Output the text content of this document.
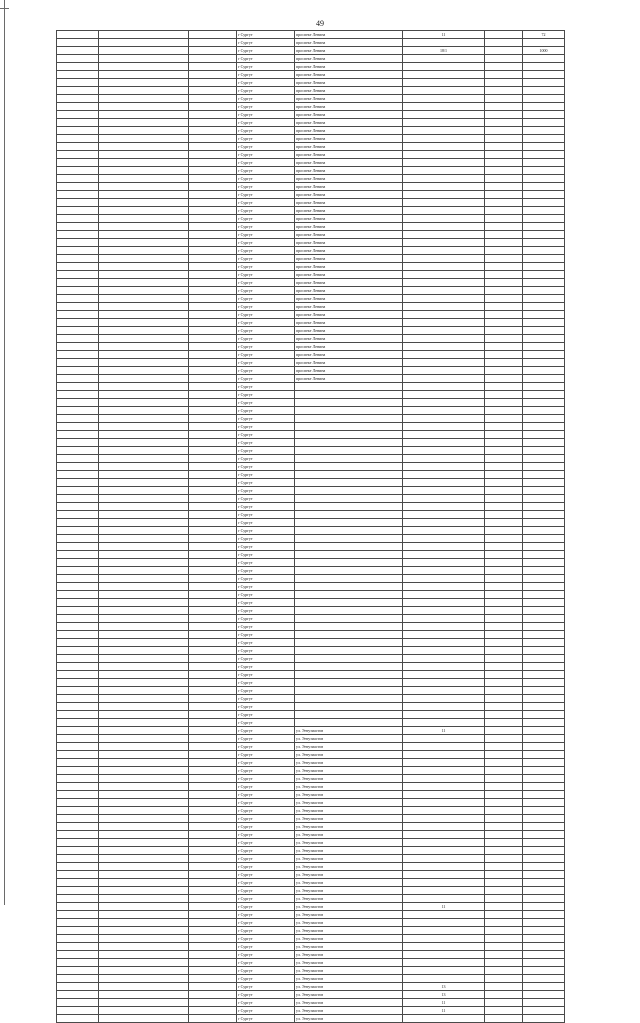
49
			г Сургут	проспект Ленина	11		72
			г Сургут	проспект Ленина			
			г Сургут	проспект Ленина	18/1		1000
			г Сургут	проспект Ленина			
			г Сургут	проспект Ленина			
			г Сургут	проспект Ленина			
			г Сургут	проспект Ленина			
			г Сургут	проспект Ленина			
			г Сургут	проспект Ленина			
			г Сургут	проспект Ленина			
			г Сургут	проспект Ленина			
			г Сургут	проспект Ленина			
			г Сургут	проспект Ленина			
			г Сургут	проспект Ленина			
			г Сургут	проспект Ленина			
			г Сургут	проспект Ленина			
			г Сургут	проспект Ленина			
			г Сургут	проспект Ленина			
			г Сургут	проспект Ленина			
			г Сургут	проспект Ленина			
			г Сургут	проспект Ленина			
			г Сургут	проспект Ленина			
			г Сургут	проспект Ленина			
			г Сургут	проспект Ленина			
			г Сургут	проспект Ленина			
			г Сургут	проспект Ленина			
			г Сургут	проспект Ленина			
			г Сургут	проспект Ленина			
			г Сургут	проспект Ленина			
			г Сургут	проспект Ленина			
			г Сургут	проспект Ленина			
			г Сургут	проспект Ленина			
			г Сургут	проспект Ленина			
			г Сургут	проспект Ленина			
			г Сургут	проспект Ленина			
			г Сургут	проспект Ленина			
			г Сургут	проспект Ленина			
			г Сургут	проспект Ленина			
			г Сургут	проспект Ленина			
			г Сургут	проспект Ленина			
			г Сургут	проспект Ленина			
			г Сургут	проспект Ленина			
			г Сургут	проспект Ленина			
			г Сургут	проспект Ленина			
			г Сургут				
			г Сургут				
			г Сургут				
			г Сургут				
			г Сургут				
			г Сургут				
			г Сургут				
			г Сургут				
			г Сургут				
			г Сургут				
			г Сургут				
			г Сургут				
			г Сургут				
			г Сургут				
			г Сургут				
			г Сургут				
			г Сургут				
			г Сургут				
			г Сургут				
			г Сургут				
			г Сургут				
			г Сургут				
			г Сургут				
			г Сургут				
			г Сургут				
			г Сургут				
			г Сургут				
			г Сургут				
			г Сургут				
			г Сургут				
			г Сургут				
			г Сургут				
			г Сургут				
			г Сургут				
			г Сургут				
			г Сургут				
			г Сургут				
			г Сургут				
			г Сургут				
			г Сургут				
			г Сургут				
			г Сургут				
			г Сургут				
			г Сургут	ул. Энтузиастов	11		
			г Сургут	ул. Энтузиастов			
			г Сургут	ул. Энтузиастов			
			г Сургут	ул. Энтузиастов			
			г Сургут	ул. Энтузиастов			
			г Сургут	ул. Энтузиастов			
			г Сургут	ул. Энтузиастов			
			г Сургут	ул. Энтузиастов			
			г Сургут	ул. Энтузиастов			
			г Сургут	ул. Энтузиастов			
			г Сургут	ул. Энтузиастов			
			г Сургут	ул. Энтузиастов			
			г Сургут	ул. Энтузиастов			
			г Сургут	ул. Энтузиастов			
			г Сургут	ул. Энтузиастов			
			г Сургут	ул. Энтузиастов			
			г Сургут	ул. Энтузиастов			
			г Сургут	ул. Энтузиастов			
			г Сургут	ул. Энтузиастов			
			г Сургут	ул. Энтузиастов			
			г Сургут	ул. Энтузиастов			
			г Сургут	ул. Энтузиастов			
			г Сургут	ул. Энтузиастов	11		
			г Сургут	ул. Энтузиастов			
			г Сургут	ул. Энтузиастов			
			г Сургут	ул. Энтузиастов			
			г Сургут	ул. Энтузиастов			
			г Сургут	ул. Энтузиастов			
			г Сургут	ул. Энтузиастов			
			г Сургут	ул. Энтузиастов			
			г Сургут	ул. Энтузиастов			
			г Сургут	ул. Энтузиастов			
			г Сургут	ул. Энтузиастов	13		
			г Сургут	ул. Энтузиастов	13		
			г Сургут	ул. Энтузиастов	11		
			г Сургут	ул. Энтузиастов	11		
			г Сургут	ул. Энтузиастов			
